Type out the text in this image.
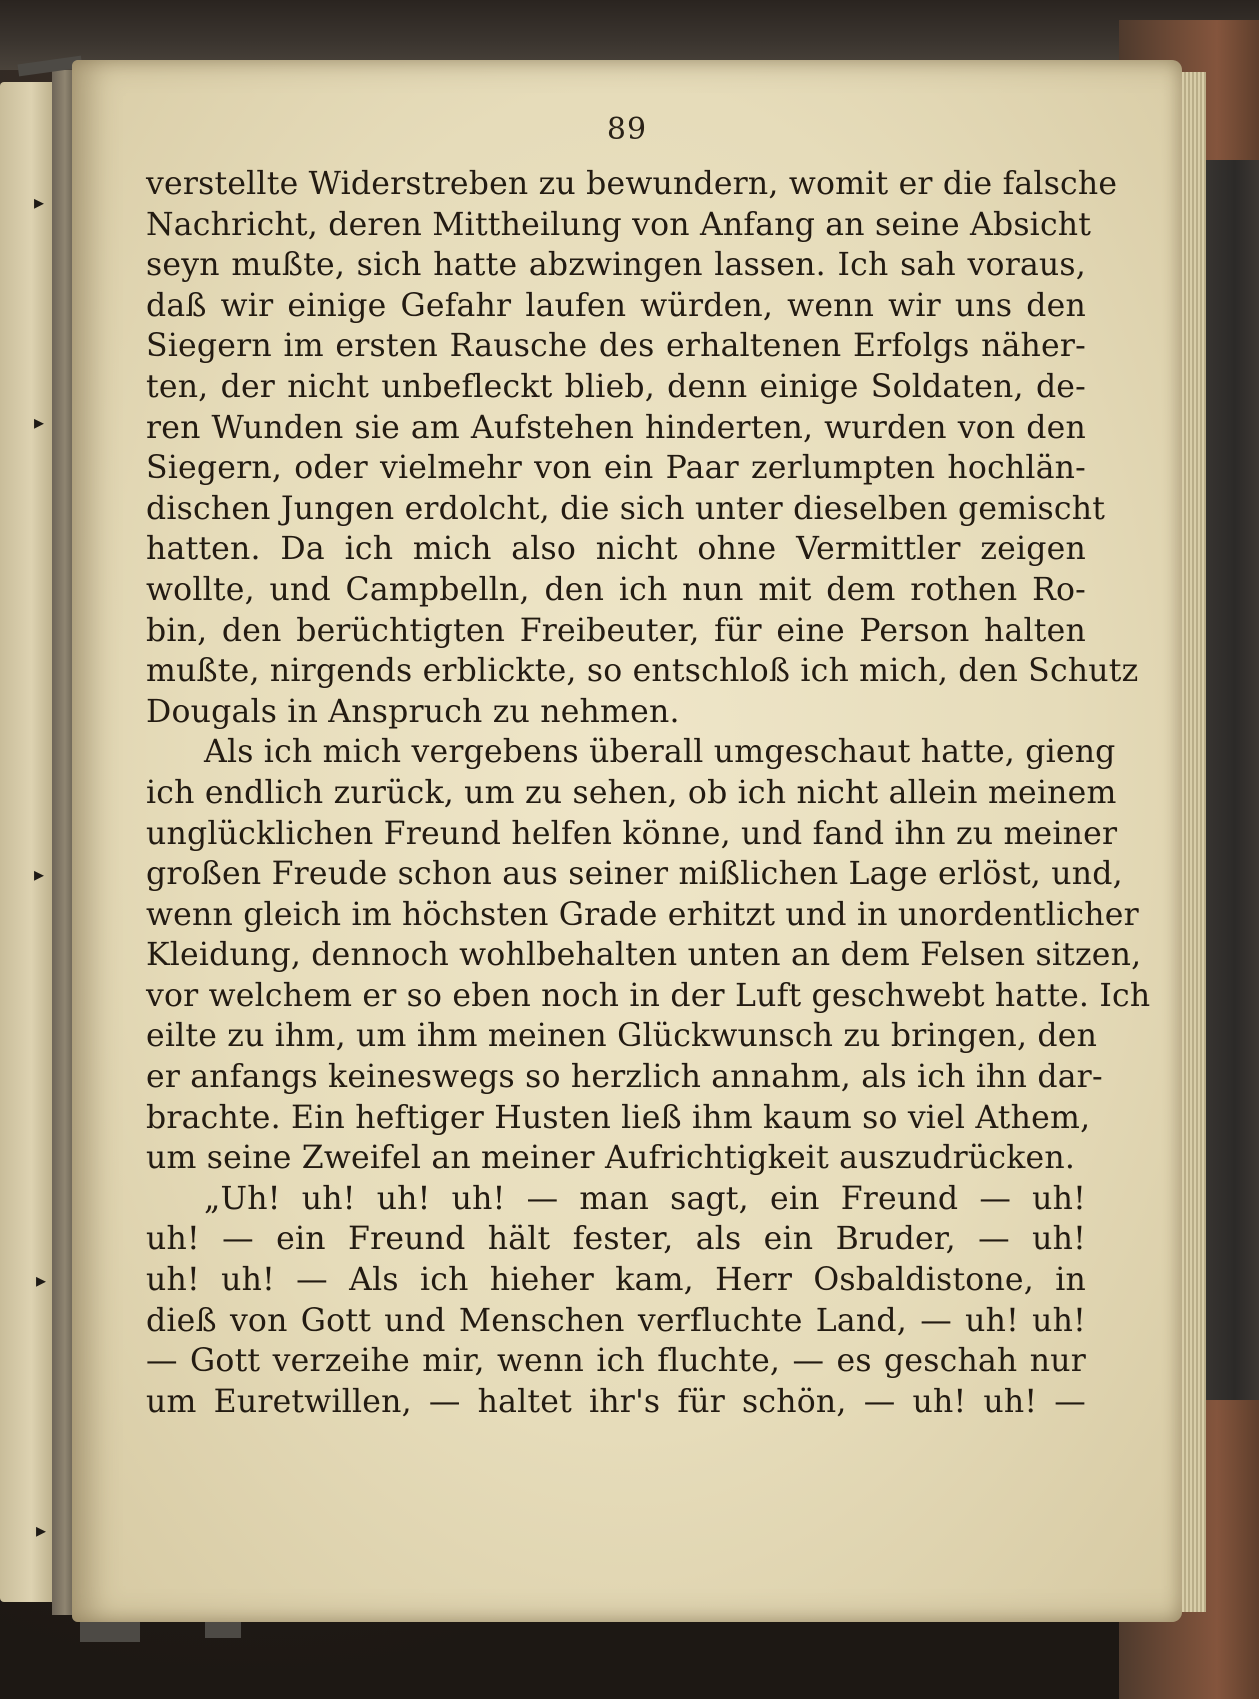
▸
▸
▸
▸
▸
89
verstellte Widerstreben zu bewundern, womit er die falsche
Nachricht, deren Mittheilung von Anfang an seine Absicht
seyn mußte, sich hatte abzwingen lassen. Ich sah voraus,
daß wir einige Gefahr laufen würden, wenn wir uns den
Siegern im ersten Rausche des erhaltenen Erfolgs näher-
ten, der nicht unbefleckt blieb, denn einige Soldaten, de-
ren Wunden sie am Aufstehen hinderten, wurden von den
Siegern, oder vielmehr von ein Paar zerlumpten hochlän-
dischen Jungen erdolcht, die sich unter dieselben gemischt
hatten. Da ich mich also nicht ohne Vermittler zeigen
wollte, und Campbelln, den ich nun mit dem rothen Ro-
bin, den berüchtigten Freibeuter, für eine Person halten
mußte, nirgends erblickte, so entschloß ich mich, den Schutz
Dougals in Anspruch zu nehmen.
Als ich mich vergebens überall umgeschaut hatte, gieng
ich endlich zurück, um zu sehen, ob ich nicht allein meinem
unglücklichen Freund helfen könne, und fand ihn zu meiner
großen Freude schon aus seiner mißlichen Lage erlöst, und,
wenn gleich im höchsten Grade erhitzt und in unordentlicher
Kleidung, dennoch wohlbehalten unten an dem Felsen sitzen,
vor welchem er so eben noch in der Luft geschwebt hatte. Ich
eilte zu ihm, um ihm meinen Glückwunsch zu bringen, den
er anfangs keineswegs so herzlich annahm, als ich ihn dar-
brachte. Ein heftiger Husten ließ ihm kaum so viel Athem,
um seine Zweifel an meiner Aufrichtigkeit auszudrücken.
„Uh! uh! uh! uh! — man sagt, ein Freund — uh!
uh! — ein Freund hält fester, als ein Bruder, — uh!
uh! uh! — Als ich hieher kam, Herr Osbaldistone, in
dieß von Gott und Menschen verfluchte Land, — uh! uh!
— Gott verzeihe mir, wenn ich fluchte, — es geschah nur
um Euretwillen, — haltet ihr's für schön, — uh! uh! —
